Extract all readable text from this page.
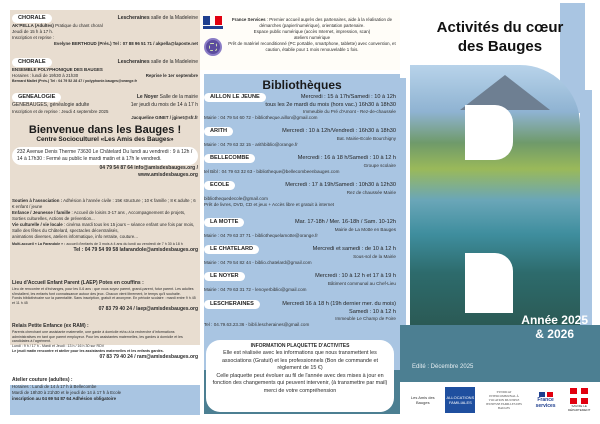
CHORALE	Lescheraines salle de la Madeleine
AK'PELLA (Adultes) Pratique du chant choral
Jeudi de 15 h à 17 h.
Inscription et reprise :
Evelyne BERTHOUD (Prés.) Tel : 07 88 96 51 71 / akpella@laposte.net
CHORALE	Lescheraines salle de la Madeleine
ENSEMBLE POLYPHONIQUE DES BAUGES
Horaires : lundi de 19h30 à 21h30	Reprise le 1er septembre
Bernard Mallet (Prés.) Tel : 04 79 52 28 47 / polyphonie.bauges@orange.fr
GENEALOGIE	Le Noyer Salle de la mairie
GENEBAUGES, généalogie adulte	1er jeudi du mois de 14 à 17 h
Inscription et de reprise : Jeudi 4 septembre 2025
Jacqueline GINET / jginet@sfr.fr
Bienvenue dans les Bauges !
Centre Socioculturel «Les Amis des Bauges»
232 Avenue Denis Therme 73630 Le Châtelard Du lundi au vendredi : 9 à 12h / 14 à 17h30 : Fermé au public le mardi matin et à 17h le vendredi.
04 79 54 87 64 info@amisdesbauges.org /
www.amisdesbauges.org
Soutien à l'association : Adhésion à l'année civile : 15€ structure ; 10 € famille ; 8 € adulte ; 6 € enfant / jeune
Enfance / Jeunesse / famille : Accueil de loisirs 3-17 ans , Accompagnement de projets, Sorties culturelles, Actions de prévention...
Vie culturelle / vie locale : cinéma mardi tous les 15 jours – séance enfant une fois par mois, Salle des fêtes du Châtelard, spectacles décentralisés,
animations diverses, ateliers informatique, info retraite, couture...
Multi-accueil « La Farandole » : accueil d'enfants de 3 mois à 4 ans du lundi au vendredi de 7 h 30 à 18 h
Tel : 04 79 54 99 58 lafarandole@amisdesbauges.org
Lieu d'Accueil Enfant Parent (LAEP) Potes en couffins :
Lieu de rencontre et d'échanges, pour les 0-6 ans : que vous soyez parent, grand-parent, futur parent. Les adultes s'installent, les enfants font connaissance autour des jeux. Chacun vient librement, le temps qu'il souhaite.
Fonds bibliothécaire sur la parentalité. Sans inscription, gratuit et anonyme. En période scolaire : mardi entre 9 h 45 et 11 h 45
07 83 79 40 24 / laep@amisdesbauges.org
Relais Petite Enfance (ex RAM) :
Parents cherchant une assistante maternelle, une garde à domicile et/ou à la recherche d'informations administratives en tant que parent employeur. Pour les assistantes maternelles, les gardes à domicile et les candidates à l'agrément.
Lundi : 9 h / 17 h - Mardi et Jeudi : 13 h / 16 h 30 sur RDV
Le jeudi matin rencontre et atelier pour les assistantes maternelles et les enfants gardés.
07 83 79 40 24 / ram@amisdesbauges.org
Atelier couture (adultes) :
Horaires : Lundi de 14 à 17 h à Bellecombe
Mardi de 18h30 à 21h30 et le jeudi de 14 à 17 h à Ecole
inscription au 04 69 54 87 64 Adhésion obligatoire
France Services : Premier accueil auprès des partenaires, aide à la réalisation de démarches (papier/numérique), orientation partenaire.
Espace public numérique (accès Internet, impression, scan)
ateliers numérique
Prêt de matériel reconditionné (PC portable, smartphone, tablette) avec convention, et caution, établie pour 1 mois renouvelable 1 fois.
Bibliothèques
AILLON LE JEUNE	Mercredi : 15 à 17h/Samedi : 10 à 12h
tous les 2e mardi du mois (hors vac.) 16h30 à 18h30
Immeuble du Pré d'Amont - Rez-de-chaussée
Mairie : 04 79 54 60 72 - bibliotheque.aillon@gmail.com
ARITH	Mercredi : 10 à 12h/Vendredi : 16h30 à 18h30
Bat. Mairie-Ecole Bourchigny
Mairie : 04 79 63 32 15 - arithbiblio@orange.fr
BELLECOMBE	Mercredi : 16 à 18 h/Samedi : 10 à 12 h
Groupe scolaire
tel Bibl : 04 79 63 32 63 - bibliotheque@bellecombeenbauges.com
ECOLE	Mercredi : 17 à 19h/Samedi : 10h30 à 12h30
Rez de chaussée Mairie
bibliothequedecole@gmail.com
Prêt de livres, DVD, CD et jeux + Accès libre et gratuit à internet
LA MOTTE	Mar. 17-18h / Mer. 16-18h / Sam. 10-12h
Mairie de La Motte en Bauges
Mairie : 04 79 63 37 71 - bibliothequelamotte@orange.fr
LE CHATELARD	Mercredi et samedi : de 10 à 12 h
Sous-sol de la Mairie
Mairie : 04 79 54 82 44 - biblio.chatelard@gmail.com
LE NOYER	Mercredi : 10 à 12 h et 17 à 19 h
Bâtiment communal au Chef-Lieu
Mairie : 04 79 63 31 72 - lenoyerbiblio@gmail.com
LESCHERAINES	Mercredi 16 à 18 h (19h dernier mer. du mois)
Samedi : 10 à 12 h
Immeuble Le Champ de Foire
Tel : 04.79.63.23.36 - bibli.lescheraines@gmail.com
INFORMATION PLAQUETTE D'ACTIVITES
Elle est réalisée avec les informations que nous transmettent les associations (Gratuit) et les professionnels (Bon de commande et règlement de 15 €)
Celle plaquette peut évoluer au fil de l'année avec des mises à jour en fonction des changements qui peuvent intervenir, (à transmettre par mail) merci de votre compréhension
Activités du cœur
des Bauges
Année 2025
& 2026
Edité : Décembre 2025
Les Amis des Bauges
ALLOCATIONS FAMILIALES
SYNDICAT INTERCOMMUNAL À VOCATION MULTIPLE JEUNESSE FAMILLES DES BAUGES
France services	SAVOIE LE DÉPARTEMENT
